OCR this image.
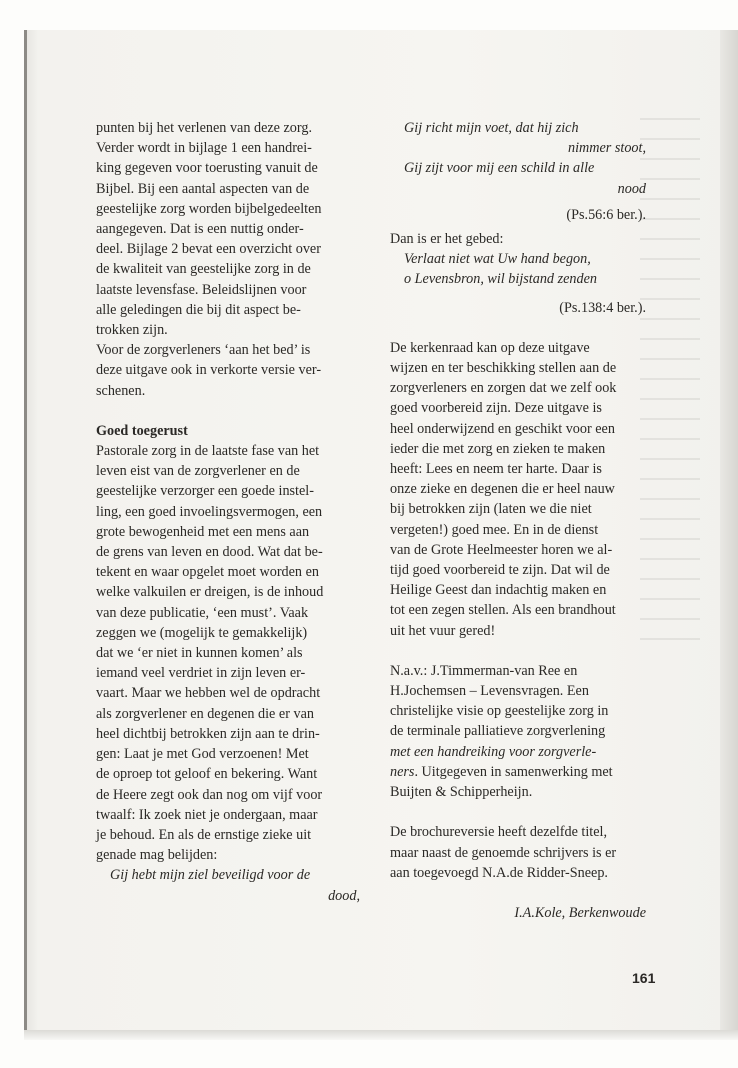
punten bij het verlenen van deze zorg.

Verder wordt in bijlage 1 een handrei-

king gegeven voor toerusting vanuit de

Bijbel. Bij een aantal aspecten van de

geestelijke zorg worden bijbelgedeelten

aangegeven. Dat is een nuttig onder-

deel. Bijlage 2 bevat een overzicht over

de kwaliteit van geestelijke zorg in de

laatste levensfase. Beleidslijnen voor

alle geledingen die bij dit aspect be-

trokken zijn.

Voor de zorgverleners ‘aan het bed’ is

deze uitgave ook in verkorte versie ver-

schenen.

Goed toegerust

Pastorale zorg in de laatste fase van het

leven eist van de zorgverlener en de

geestelijke verzorger een goede instel-

ling, een goed invoelingsvermogen, een

grote bewogenheid met een mens aan

de grens van leven en dood. Wat dat be-

tekent en waar opgelet moet worden en

welke valkuilen er dreigen, is de inhoud

van deze publicatie, ‘een must’. Vaak

zeggen we (mogelijk te gemakkelijk)

dat we ‘er niet in kunnen komen’ als

iemand veel verdriet in zijn leven er-

vaart. Maar we hebben wel de opdracht

als zorgverlener en degenen die er van

heel dichtbij betrokken zijn aan te drin-

gen: Laat je met God verzoenen! Met

de oproep tot geloof en bekering. Want

de Heere zegt ook dan nog om vijf voor

twaalf: Ik zoek niet je ondergaan, maar

je behoud. En als de ernstige zieke uit

genade mag belijden:

Gij hebt mijn ziel beveiligd voor de

dood,

Gij richt mijn voet, dat hij zich

nimmer stoot,

Gij zijt voor mij een schild in alle

nood

(Ps.56:6 ber.).

Dan is er het gebed:

Verlaat niet wat Uw hand begon,

o Levensbron, wil bijstand zenden

(Ps.138:4 ber.).

De kerkenraad kan op deze uitgave

wijzen en ter beschikking stellen aan de

zorgverleners en zorgen dat we zelf ook

goed voorbereid zijn. Deze uitgave is

heel onderwijzend en geschikt voor een

ieder die met zorg en zieken te maken

heeft: Lees en neem ter harte. Daar is

onze zieke en degenen die er heel nauw

bij betrokken zijn (laten we die niet

vergeten!) goed mee. En in de dienst

van de Grote Heelmeester horen we al-

tijd goed voorbereid te zijn. Dat wil de

Heilige Geest dan indachtig maken en

tot een zegen stellen. Als een brandhout

uit het vuur gered!

N.a.v.: J.Timmerman-van Ree en

H.Jochemsen – Levensvragen. Een

christelijke visie op geestelijke zorg in

de terminale palliatieve zorgverlening

met een handreiking voor zorgverle-

ners. Uitgegeven in samenwerking met

Buijten & Schipperheijn.

De brochureversie heeft dezelfde titel,

maar naast de genoemde schrijvers is er

aan toegevoegd N.A.de Ridder-Sneep.

I.A.Kole, Berkenwoude

161
